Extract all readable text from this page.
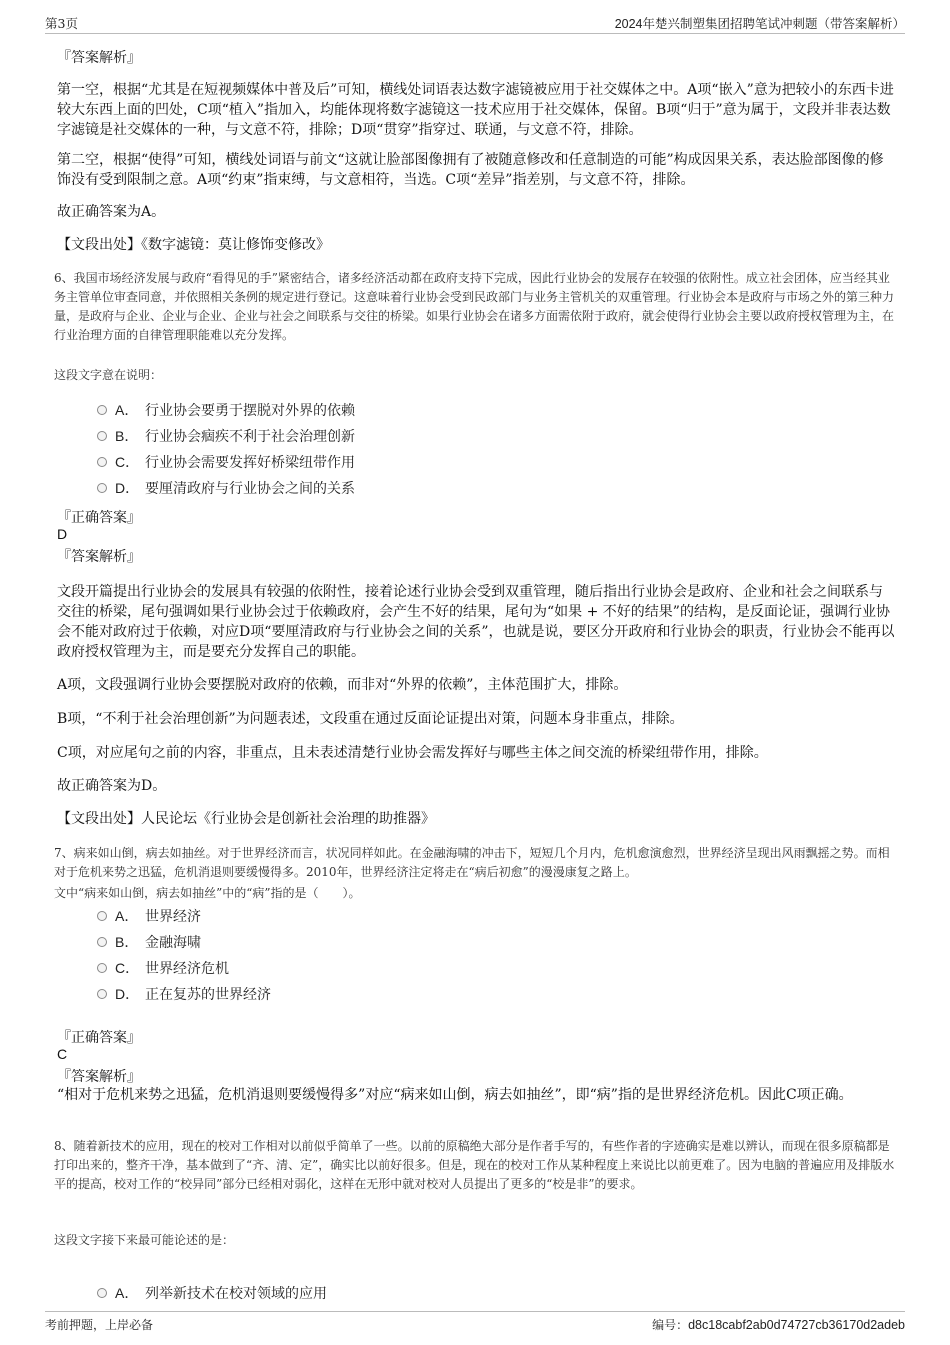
第3页	2024年楚兴制塑集团招聘笔试冲刺题（带答案解析）
『答案解析』
第一空，根据“尤其是在短视频媒体中普及后”可知，横线处词语表达数字滤镜被应用于社交媒体之中。A项“嵌入”意为把较小的东西卡进较大东西上面的凹处，C项“植入”指加入，均能体现将数字滤镜这一技术应用于社交媒体，保留。B项“归于”意为属于，文段并非表达数字滤镜是社交媒体的一种，与文意不符，排除；D项“贯穿”指穿过、联通，与文意不符，排除。
第二空，根据“使得”可知，横线处词语与前文“这就让脸部图像拥有了被随意修改和任意制造的可能”构成因果关系，表达脸部图像的修饰没有受到限制之意。A项“约束”指束缚，与文意相符，当选。C项“差异”指差别，与文意不符，排除。
故正确答案为A。
【文段出处】《数字滤镜：莫让修饰变修改》
6、我国市场经济发展与政府“看得见的手”紧密结合，诸多经济活动都在政府支持下完成，因此行业协会的发展存在较强的依附性。成立社会团体，应当经其业务主管单位审查同意，并依照相关条例的规定进行登记。这意味着行业协会受到民政部门与业务主管机关的双重管理。行业协会本是政府与市场之外的第三种力量，是政府与企业、企业与企业、企业与社会之间联系与交往的桥梁。如果行业协会在诸多方面需依附于政府，就会使得行业协会主要以政府授权管理为主，在行业治理方面的自律管理职能难以充分发挥。
这段文字意在说明：
A． 行业协会要勇于摆脱对外界的依赖
B． 行业协会痼疾不利于社会治理创新
C． 行业协会需要发挥好桥梁纽带作用
D． 要厘清政府与行业协会之间的关系
『正确答案』
D
『答案解析』
文段开篇提出行业协会的发展具有较强的依附性，接着论述行业协会受到双重管理，随后指出行业协会是政府、企业和社会之间联系与交往的桥梁，尾句强调如果行业协会过于依赖政府，会产生不好的结果，尾句为“如果 + 不好的结果”的结构，是反面论证，强调行业协会不能对政府过于依赖，对应D项“要厘清政府与行业协会之间的关系”，也就是说，要区分开政府和行业协会的职责，行业协会不能再以政府授权管理为主，而是要充分发挥自己的职能。
A项，文段强调行业协会要摆脱对政府的依赖，而非对“外界的依赖”，主体范围扩大，排除。
B项，“不利于社会治理创新”为问题表述，文段重在通过反面论证提出对策，问题本身非重点，排除。
C项，对应尾句之前的内容，非重点，且未表述清楚行业协会需发挥好与哪些主体之间交流的桥梁纽带作用，排除。
故正确答案为D。
【文段出处】人民论坛《行业协会是创新社会治理的助推器》
7、病来如山倒，病去如抽丝。对于世界经济而言，状况同样如此。在金融海啸的冲击下，短短几个月内，危机愈演愈烈，世界经济呈现出风雨飘摇之势。而相对于危机来势之迅猛，危机消退则要缓慢得多。2010年，世界经济注定将走在“病后初愈”的漫漫康复之路上。
文中“病来如山倒，病去如抽丝”中的“病”指的是（　　）。
A． 世界经济
B． 金融海啸
C． 世界经济危机
D． 正在复苏的世界经济
『正确答案』
C
『答案解析』
“相对于危机来势之迅猛，危机消退则要缓慢得多”对应“病来如山倒，病去如抽丝”，即“病”指的是世界经济危机。因此C项正确。
8、随着新技术的应用，现在的校对工作相对以前似乎简单了一些。以前的原稿绝大部分是作者手写的，有些作者的字迹确实是难以辨认，而现在很多原稿都是打印出来的，整齐干净，基本做到了“齐、清、定”，确实比以前好很多。但是，现在的校对工作从某种程度上来说比以前更难了。因为电脑的普遍应用及排版水平的提高，校对工作的“校异同”部分已经相对弱化，这样在无形中就对校对人员提出了更多的“校是非”的要求。
这段文字接下来最可能论述的是：
A． 列举新技术在校对领域的应用
考前押题，上岸必备	编号：d8c18cabf2ab0d74727cb36170d2adeb
